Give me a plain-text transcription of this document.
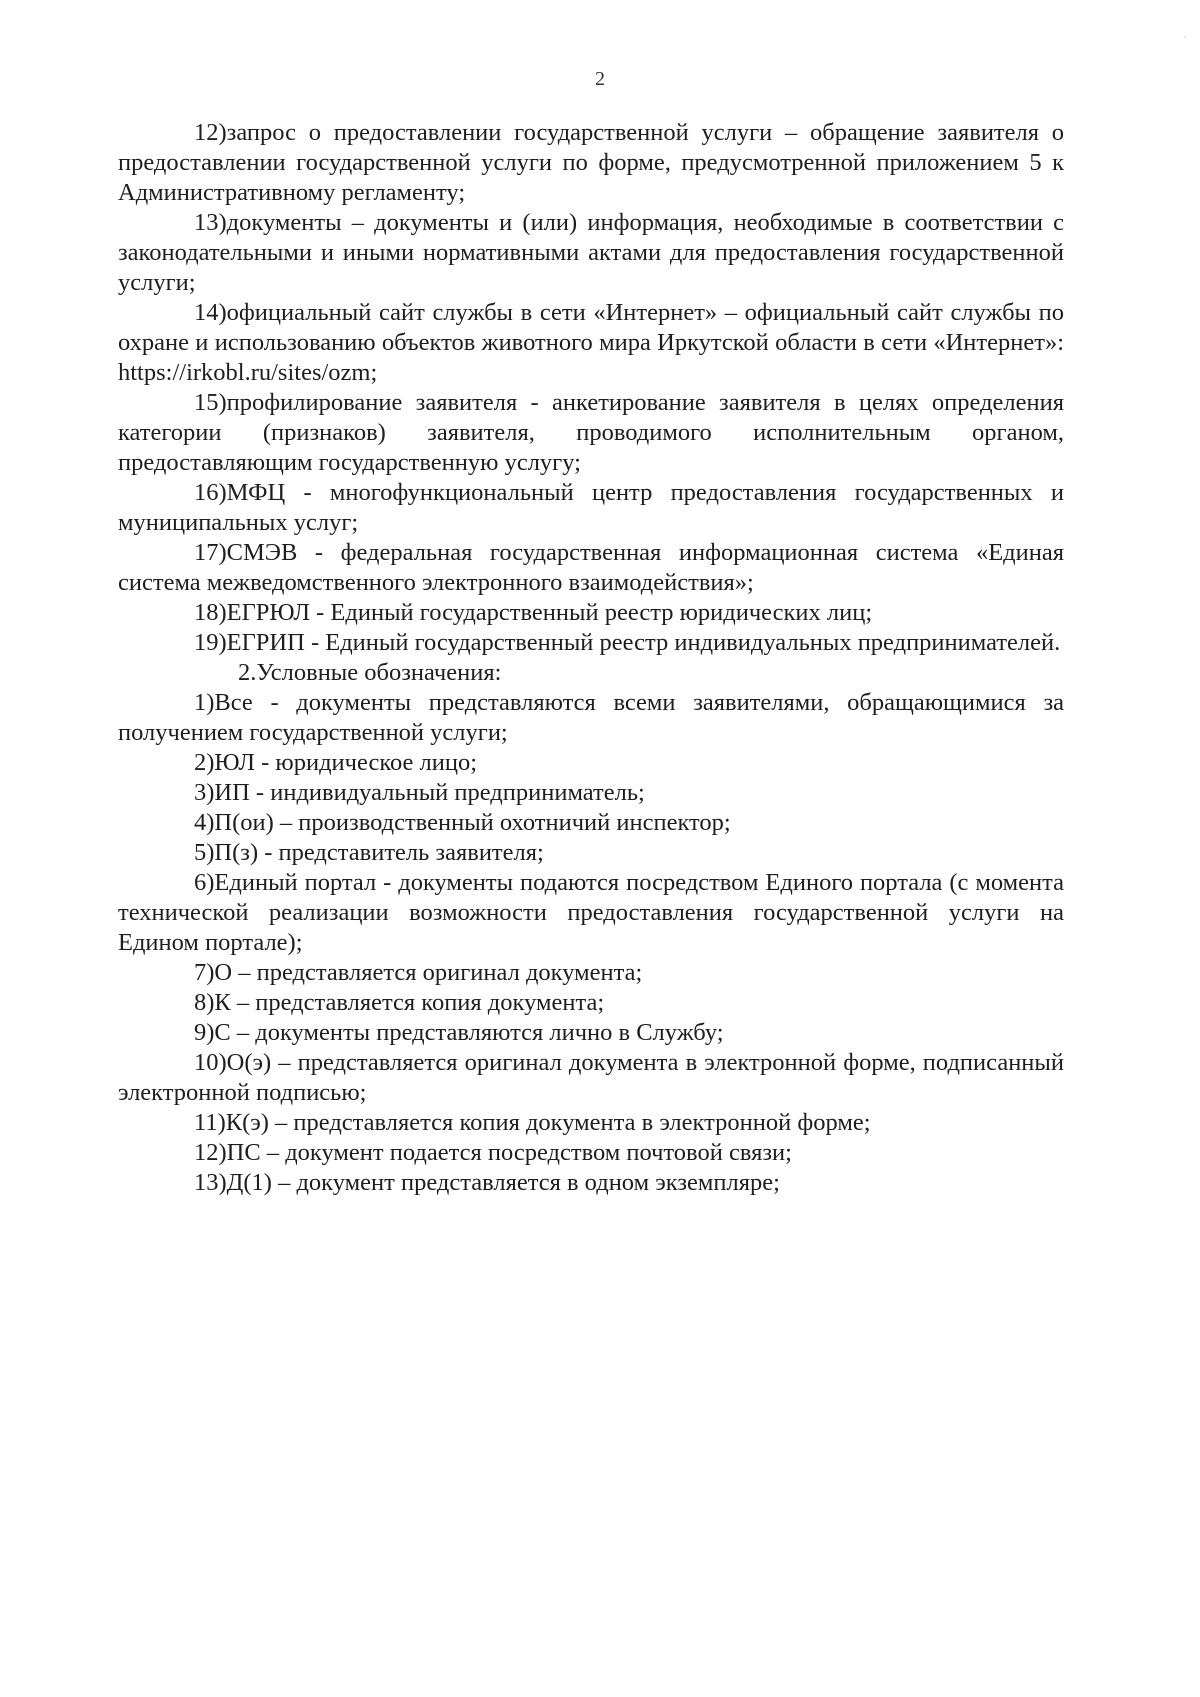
·
2

12)запрос о предоставлении государственной услуги – обращение заявителя о предоставлении государственной услуги по форме, предусмотренной приложением 5 к Административному регламенту;

13)документы – документы и (или) информация, необходимые в соответствии с законодательными и иными нормативными актами для предоставления государственной услуги;

14)официальный сайт службы в сети «Интернет» – официальный сайт службы по охране и использованию объектов животного мира Иркутской области в сети «Интернет»: https://irkobl.ru/sites/ozm;

15)профилирование заявителя - анкетирование заявителя в целях определения категории (признаков) заявителя, проводимого исполнительным органом, предоставляющим государственную услугу;

16)МФЦ - многофункциональный центр предоставления государственных и муниципальных услуг;

17)СМЭВ - федеральная государственная информационная система «Единая система межведомственного электронного взаимодействия»;

18)ЕГРЮЛ - Единый государственный реестр юридических лиц;

19)ЕГРИП - Единый государственный реестр индивидуальных предпринимателей.

2.Условные обозначения:

1)Все - документы представляются всеми заявителями, обращающимися за получением государственной услуги;

2)ЮЛ - юридическое лицо;

3)ИП - индивидуальный предприниматель;

4)П(ои) – производственный охотничий инспектор;

5)П(з) - представитель заявителя;

6)Единый портал - документы подаются посредством Единого портала (с момента технической реализации возможности предоставления государственной услуги на Едином портале);

7)О – представляется оригинал документа;

8)К – представляется копия документа;

9)С – документы представляются лично в Службу;

10)О(э) – представляется оригинал документа в электронной форме, подписанный электронной подписью;

11)К(э) – представляется копия документа в электронной форме;

12)ПС – документ подается посредством почтовой связи;

13)Д(1) – документ представляется в одном экземпляре;
